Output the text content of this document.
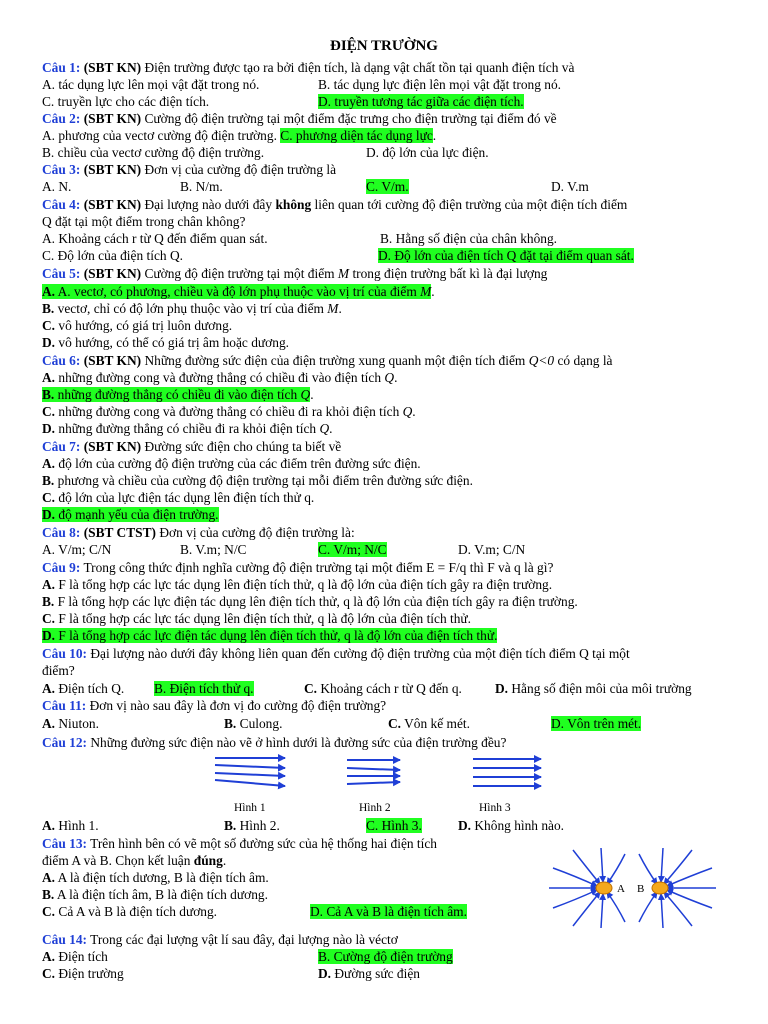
ĐIỆN TRƯỜNG
Câu 1: (SBT KN) Điện trường được tạo ra bởi điện tích, là dạng vật chất tồn tại quanh điện tích và
A. tác dụng lực lên mọi vật đặt trong nó.	B. tác dụng lực điện lên mọi vật đặt trong nó.
C. truyền lực cho các điện tích.	D. truyền tương tác giữa các điện tích.
Câu 2: (SBT KN) Cường độ điện trường tại một điểm đặc trưng cho điện trường tại điểm đó về
A. phương của vectơ cường độ điện trường. C. phương diện tác dụng lực.
B. chiều của vectơ cường độ điện trường.	D. độ lớn của lực điện.
Câu 3: (SBT KN) Đơn vị của cường độ điện trường là
A. N.	B. N/m.	C. V/m.	D. V.m
Câu 4: (SBT KN) Đại lượng nào dưới đây không liên quan tới cường độ điện trường của một điện tích điểm
Q đặt tại một điểm trong chân không?
A. Khoảng cách r từ Q đến điểm quan sát.	B. Hằng số điện của chân không.
C. Độ lớn của điện tích Q.	D. Độ lớn của điện tích Q đặt tại điểm quan sát.
Câu 5: (SBT KN) Cường độ điện trường tại một điểm M trong điện trường bất kì là đại lượng
A. A. vectơ, có phương, chiều và độ lớn phụ thuộc vào vị trí của điểm M.
B. vectơ, chỉ có độ lớn phụ thuộc vào vị trí của điểm M.
C. vô hướng, có giá trị luôn dương.
D. vô hướng, có thể có giá trị âm hoặc dương.
Câu 6: (SBT KN) Những đường sức điện của điện trường xung quanh một điện tích điểm Q<0 có dạng là
A. những đường cong và đường thẳng có chiều đi vào điện tích Q.
B. những đường thẳng có chiều đi vào điện tích Q.
C. những đường cong và đường thẳng có chiều đi ra khỏi điện tích Q.
D. những đường thẳng có chiều đi ra khỏi điện tích Q.
Câu 7: (SBT KN) Đường sức điện cho chúng ta biết về
A. độ lớn của cường độ điện trường của các điểm trên đường sức điện.
B. phương và chiều của cường độ điện trường tại mỗi điểm trên đường sức điện.
C. độ lớn của lực điện tác dụng lên điện tích thử q.
D. độ mạnh yếu của điện trường.
Câu 8: (SBT CTST) Đơn vị của cường độ điện trường là:
A. V/m; C/N	B. V.m; N/C	C. V/m; N/C	D. V.m; C/N
Câu 9: Trong công thức định nghĩa cường độ điện trường tại một điểm E = F/q thì F và q là gì?
A. F là tổng hợp các lực tác dụng lên điện tích thử, q là độ lớn của điện tích gây ra điện trường.
B. F là tổng hợp các lực điện tác dụng lên điện tích thử, q là độ lớn của điện tích gây ra điện trường.
C. F là tổng hợp các lực tác dụng lên điện tích thử, q là độ lớn của điện tích thử.
D. F là tổng hợp các lực điện tác dụng lên điện tích thử, q là độ lớn của điện tích thử.
Câu 10: Đại lượng nào dưới đây không liên quan đến cường độ điện trường của một điện tích điểm Q tại một
điểm?
A. Điện tích Q. B. Điện tích thử q.	C. Khoảng cách r từ Q đến q. D. Hằng số điện môi của môi trường
Câu 11: Đơn vị nào sau đây là đơn vị đo cường độ điện trường?
A. Niuton.	B. Culong.	C. Vôn kế mét.	D. Vôn trên mét.
Câu 12: Những đường sức điện nào vẽ ở hình dưới là đường sức của điện trường đều?
Hình 1	Hình 2	Hình 3
A. Hình 1.	B. Hình 2.	C. Hình 3.	D. Không hình nào.
Câu 13: Trên hình bên có vẽ một số đường sức của hệ thống hai điện tích
điểm A và B. Chọn kết luận đúng.
A. A là điện tích dương, B là điện tích âm.
B. A là điện tích âm, B là điện tích dương.
C. Cả A và B là điện tích dương.	D. Cả A và B là điện tích âm.
A B
Câu 14: Trong các đại lượng vật lí sau đây, đại lượng nào là véctơ
A. Điện tích	B. Cường độ điện trường
C. Điện trường	D. Đường sức điện
